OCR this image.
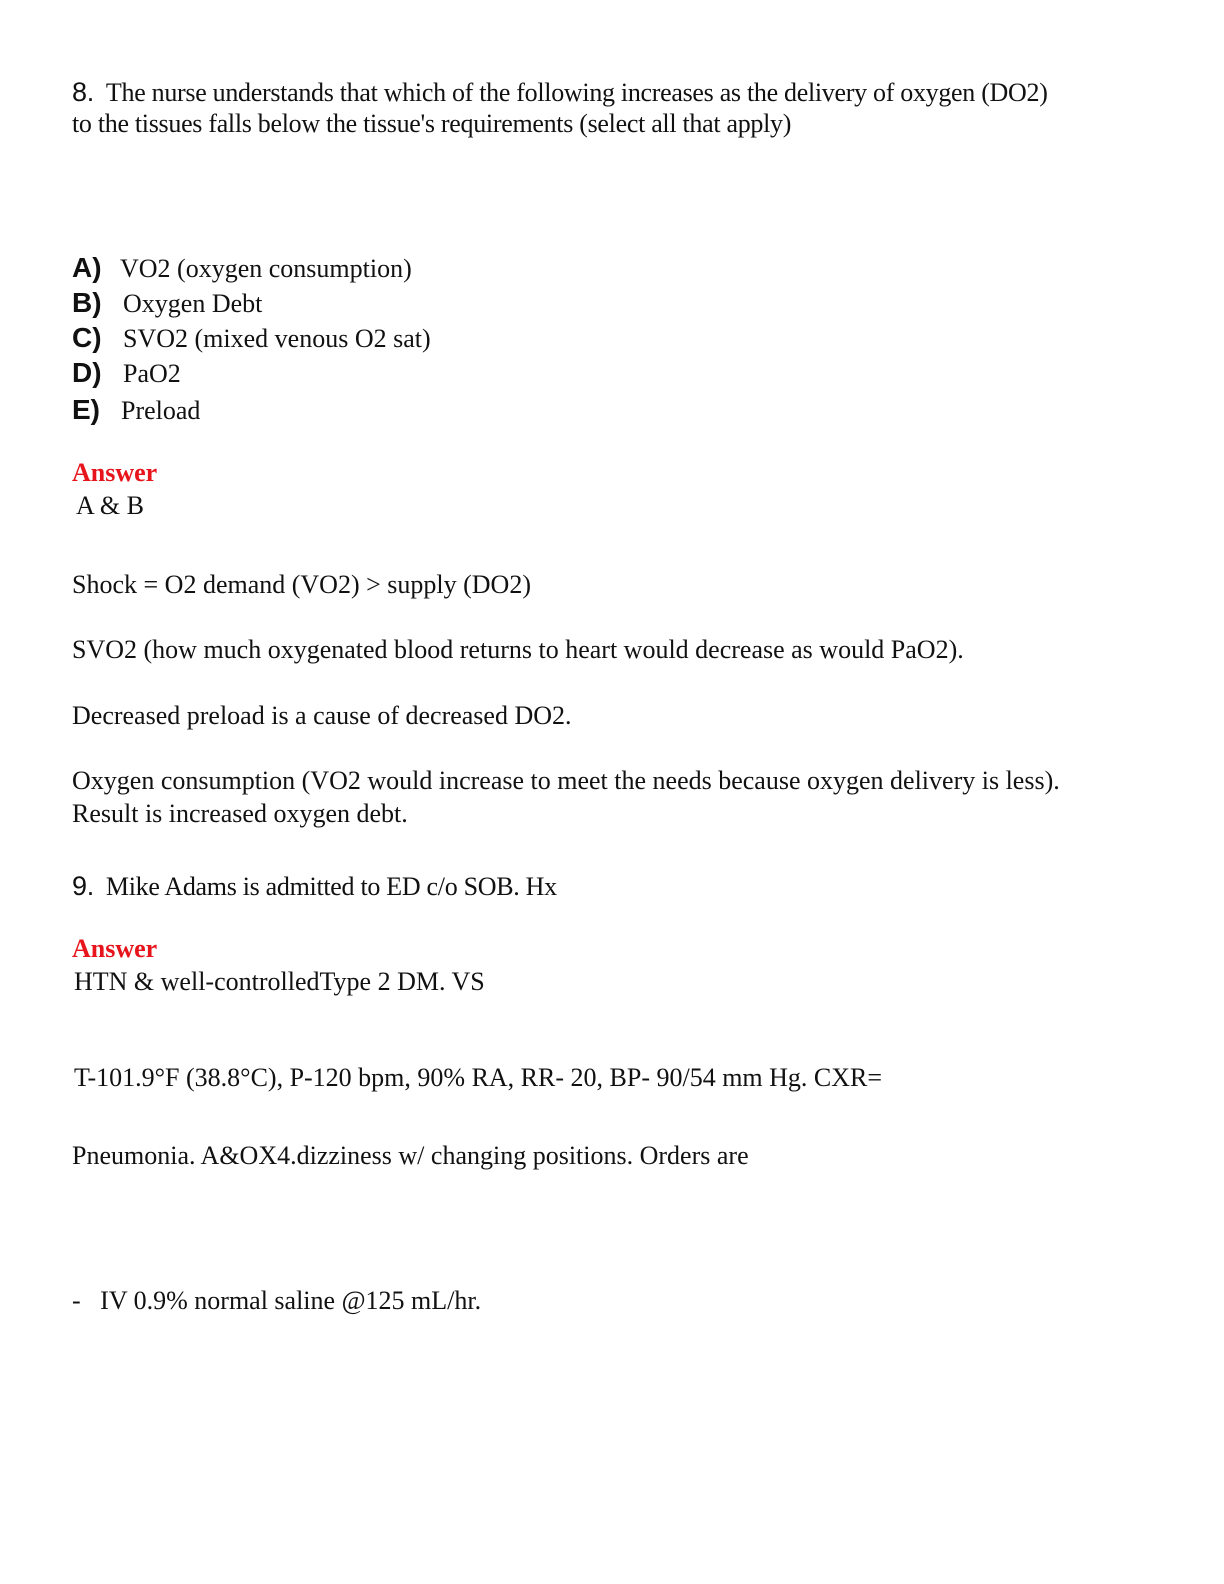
8. The nurse understands that which of the following increases as the delivery of oxygen (DO2)
to the tissues falls below the tissue's requirements (select all that apply)
A) VO2 (oxygen consumption)
B) Oxygen Debt
C) SVO2 (mixed venous O2 sat)
D) PaO2
E) Preload
Answer
A & B
Shock = O2 demand (VO2) > supply (DO2)
SVO2 (how much oxygenated blood returns to heart would decrease as would PaO2).
Decreased preload is a cause of decreased DO2.
Oxygen consumption (VO2 would increase to meet the needs because oxygen delivery is less).
Result is increased oxygen debt.
9. Mike Adams is admitted to ED c/o SOB. Hx
Answer
HTN & well-controlledType 2 DM. VS
T-101.9°F (38.8°C), P-120 bpm, 90% RA, RR- 20, BP- 90/54 mm Hg. CXR=
Pneumonia. A&OX4.dizziness w/ changing positions. Orders are
-   IV 0.9% normal saline @125 mL/hr.
